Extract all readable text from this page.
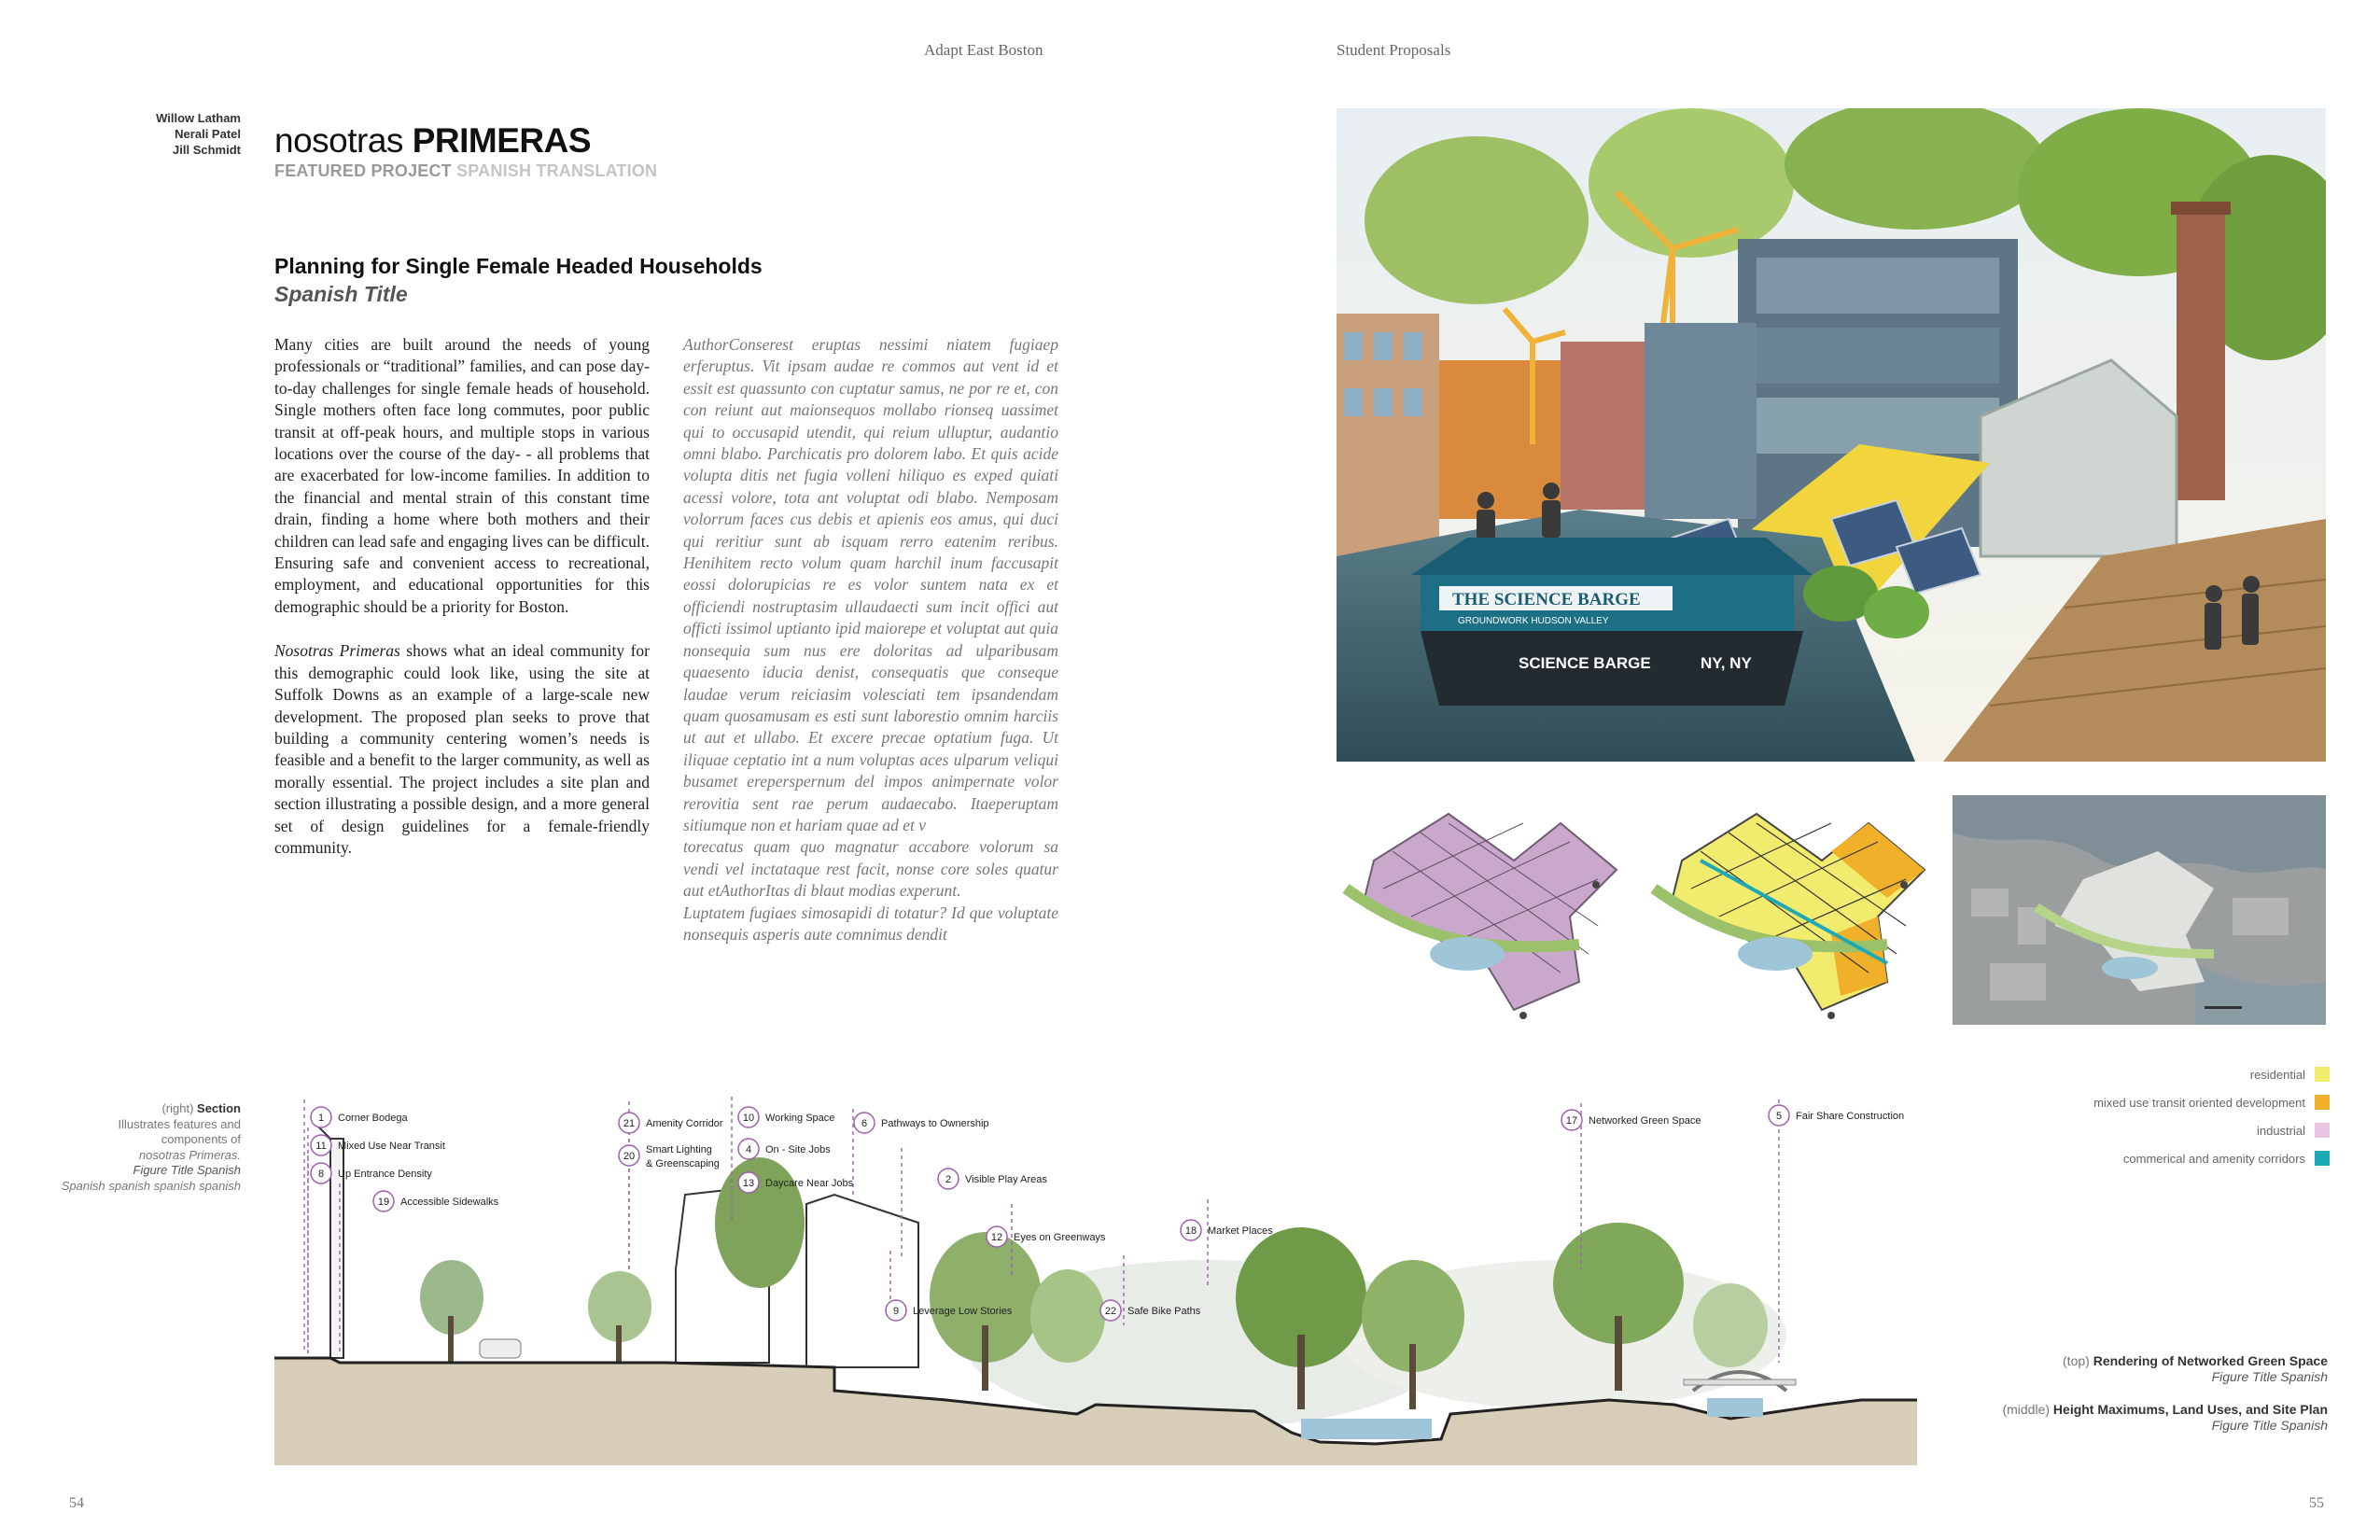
Adapt East Boston	Student Proposals
Willow Latham
Nerali Patel
Jill Schmidt nosotras PRIMERAS
FEATURED PROJECT SPANISH TRANSLATION
Planning for Single Female Headed Households
Spanish Title

Many cities are built around the needs of young professionals or “traditional” families, and can pose day-to-day challenges for single female heads of household. Single mothers often face long commutes, poor public transit at off-peak hours, and multiple stops in various locations over the course of the day- - all problems that are exacerbated for low-income families. In addition to the financial and mental strain of this constant time drain, finding a home where both mothers and their children can lead safe and engaging lives can be difficult. Ensuring safe and convenient access to recreational, employment, and educational opportunities for this demographic should be a priority for Boston.

Nosotras Primeras shows what an ideal community for this demographic could look like, using the site at Suffolk Downs as an example of a large-scale new development. The proposed plan seeks to prove that building a community centering women’s needs is feasible and a benefit to the larger community, as well as morally essential. The project includes a site plan and section illustrating a possible design, and a more general set of design guidelines for a female-friendly community.

AuthorConserest eruptas nessimi niatem fugiaep erferuptus. Vit ipsam audae re commos aut vent id et essit est quassunto con cuptatur samus, ne por re et, con con reiunt aut maionsequos mollabo rionseq uassimet qui to occusapid utendit, qui reium ulluptur, audantio omni blabo. Parchicatis pro dolorem labo. Et quis acide volupta ditis net fugia volleni hiliquo es exped quiati acessi volore, tota ant voluptat odi blabo. Nemposam volorrum faces cus debis et apienis eos amus, qui duci qui reritiur sunt ab isquam rerro eatenim reribus. Henihitem recto volum quam harchil inum faccusapit eossi dolorupicias re es volor suntem nata ex et officiendi nostruptasim ullaudaecti sum incit offici aut officti issimol uptianto ipid maiorepe et voluptat aut quia nonsequia sum nus ere doloritas ad ulparibusam quaesento iducia denist, consequatis que conseque laudae verum reiciasim volesciati tem ipsandendam quam quosamusam es esti sunt laborestio omnim harciis ut aut et ullabo. Et excere precae optatium fuga. Ut iliquae ceptatio int a num voluptas aces ulparum veliqui busamet ereperspernum del impos animpernate volor rerovitia sent rae perum audaecabo. Itaeperuptam sitiumque non et hariam quae ad et v

torecatus quam quo magnatur accabore volorum sa vendi vel inctataque rest facit, nonse core soles quatur aut etAuthorItas di blaut modias experunt.

Luptatem fugiaes simosapidi di totatur? Id que voluptate nonsequis asperis aute comnimus dendit

THE SCIENCE BARGE
GROUNDWORK HUDSON VALLEY
SCIENCE BARGE	NY, NY
residential
mixed use transit oriented development
industrial
commerical and amenity corridors
(right) Section
Illustrates features and components of
nosotras Primeras.
Figure Title Spanish
Spanish spanish spanish spanish
(top) Rendering of Networked Green Space
Figure Title Spanish
(middle) Height Maximums, Land Uses, and Site Plan
Figure Title Spanish
1 Corner Bodega
11 Mixed Use Near Transit
8 Up Entrance Density
19 Accessible Sidewalks
21 Amenity Corridor
20
Smart Lighting
& Greenscaping
10 Working Space
4 On - Site Jobs
13 Daycare Near Jobs
6 Pathways to Ownership
2 Visible Play Areas
12 Eyes on Greenways
9 Leverage Low Stories	22 Safe Bike Paths
18 Market Places
17 Networked Green Space	5 Fair Share Construction
54	55
